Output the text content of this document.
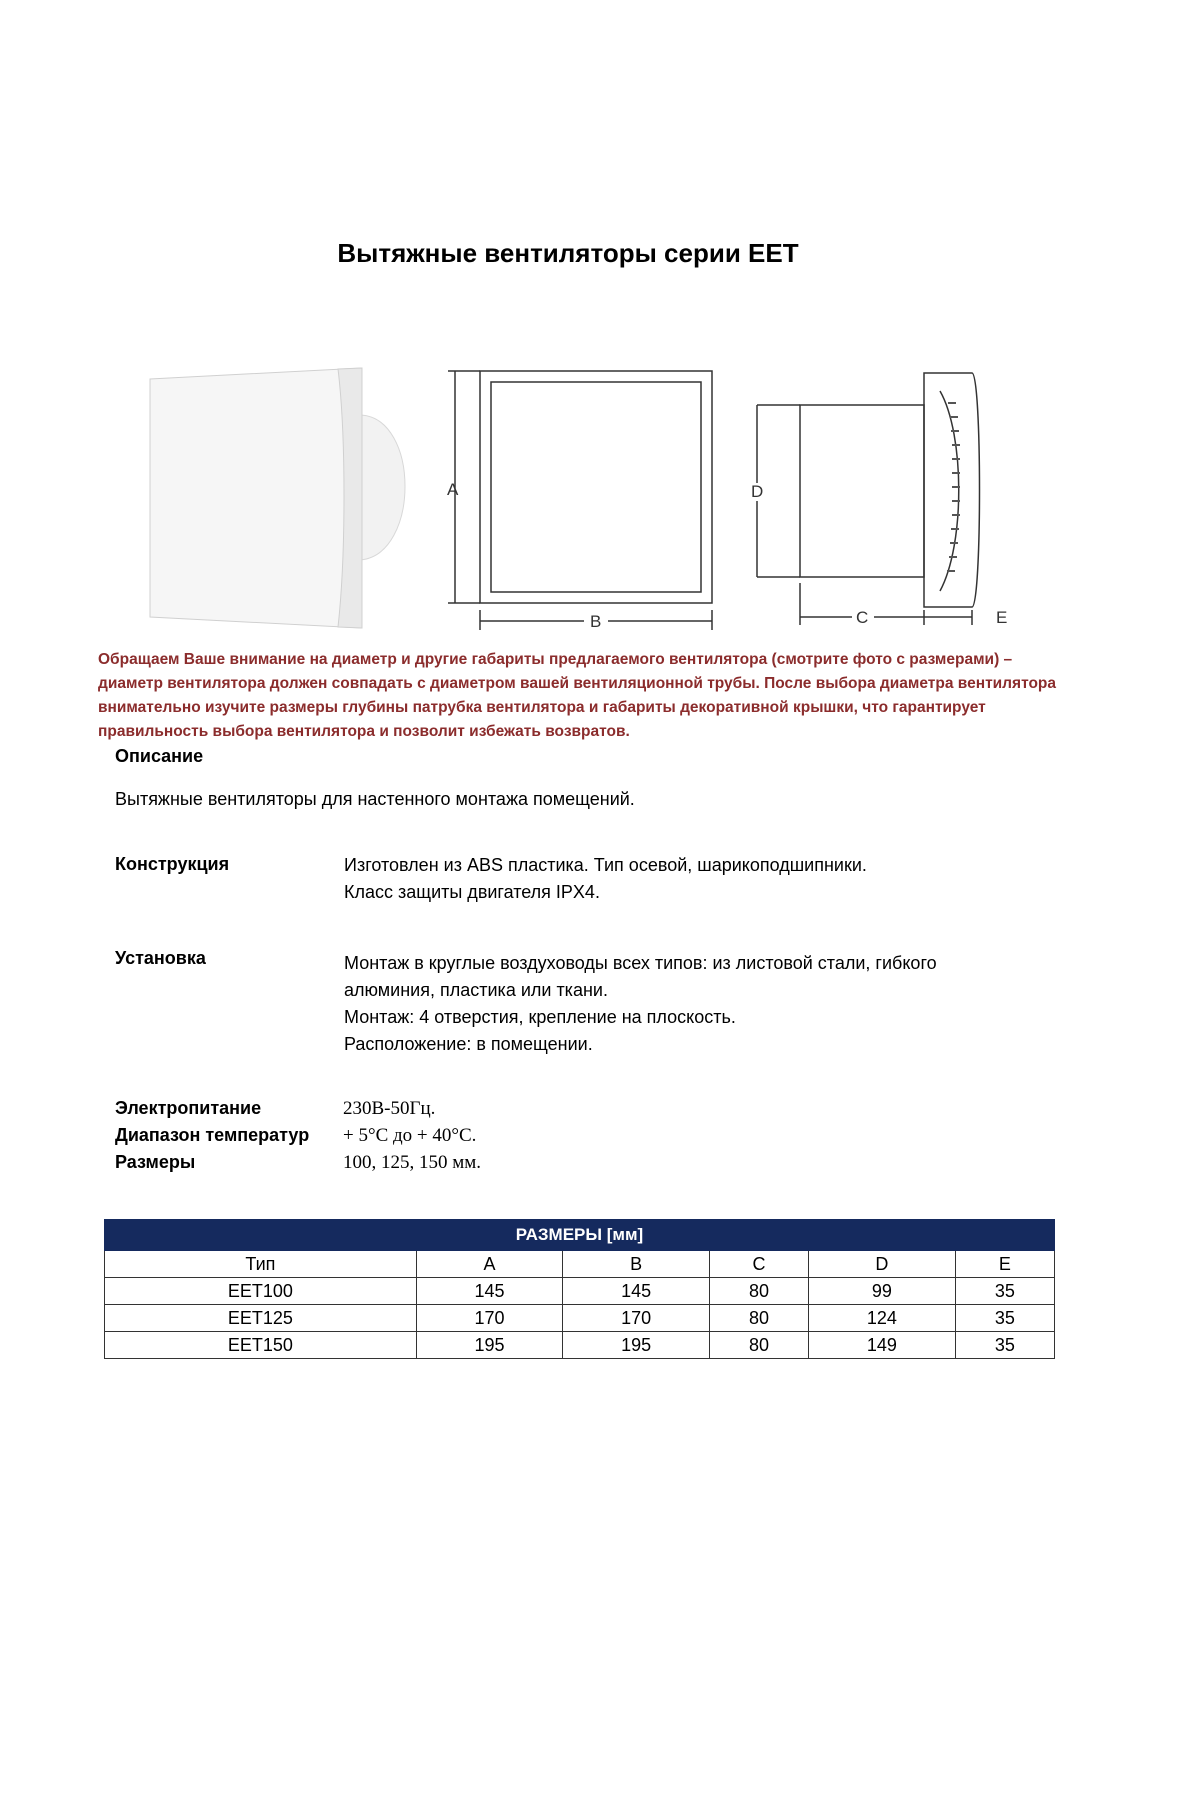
Вытяжные вентиляторы серии EET
A
B
D
C	E
Обращаем Ваше внимание на диаметр и другие габариты предлагаемого вентилятора (смотрите фото с размерами) – диаметр вентилятора должен совпадать с диаметром вашей вентиляционной трубы. После выбора диаметра вентилятора внимательно изучите размеры глубины патрубка вентилятора и габариты декоративной крышки, что гарантирует правильность выбора вентилятора и позволит избежать возвратов.
Описание
Вытяжные вентиляторы для настенного монтажа помещений.
Конструкция	Изготовлен из ABS пластика. Тип осевой, шарикоподшипники.
Класс защиты двигателя IPX4.
Установка	Монтаж в круглые воздуховоды всех типов: из листовой стали, гибкого
алюминия, пластика или ткани.
Монтаж: 4 отверстия, крепление на плоскость.
Расположение: в помещении.
Электропитание	230В-50Гц.
Диапазон температур	+ 5°С до + 40°С.
Размеры	100, 125, 150 мм.
РАЗМЕРЫ [мм]					
Тип	A	B	C	D	E
EET100	145	145	80	99	35
EET125	170	170	80	124	35
EET150	195	195	80	149	35
